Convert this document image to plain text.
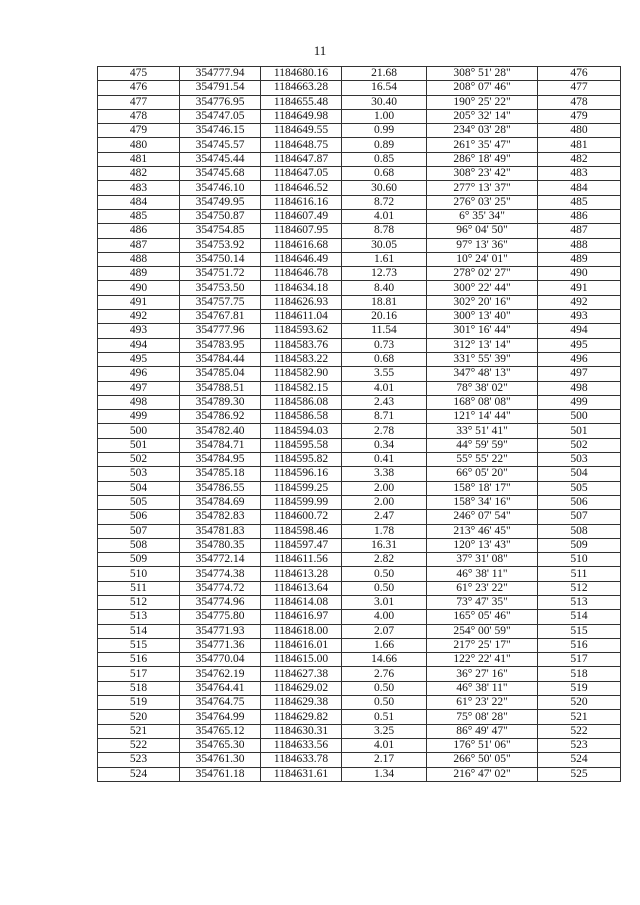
11
475	354777.94	1184680.16	21.68	308° 51' 28"	476
476	354791.54	1184663.28	16.54	208° 07' 46"	477
477	354776.95	1184655.48	30.40	190° 25' 22"	478
478	354747.05	1184649.98	1.00	205° 32' 14"	479
479	354746.15	1184649.55	0.99	234° 03' 28"	480
480	354745.57	1184648.75	0.89	261° 35' 47"	481
481	354745.44	1184647.87	0.85	286° 18' 49"	482
482	354745.68	1184647.05	0.68	308° 23' 42"	483
483	354746.10	1184646.52	30.60	277° 13' 37"	484
484	354749.95	1184616.16	8.72	276° 03' 25"	485
485	354750.87	1184607.49	4.01	6° 35' 34"	486
486	354754.85	1184607.95	8.78	96° 04' 50"	487
487	354753.92	1184616.68	30.05	97° 13' 36"	488
488	354750.14	1184646.49	1.61	10° 24' 01"	489
489	354751.72	1184646.78	12.73	278° 02' 27"	490
490	354753.50	1184634.18	8.40	300° 22' 44"	491
491	354757.75	1184626.93	18.81	302° 20' 16"	492
492	354767.81	1184611.04	20.16	300° 13' 40"	493
493	354777.96	1184593.62	11.54	301° 16' 44"	494
494	354783.95	1184583.76	0.73	312° 13' 14"	495
495	354784.44	1184583.22	0.68	331° 55' 39"	496
496	354785.04	1184582.90	3.55	347° 48' 13"	497
497	354788.51	1184582.15	4.01	78° 38' 02"	498
498	354789.30	1184586.08	2.43	168° 08' 08"	499
499	354786.92	1184586.58	8.71	121° 14' 44"	500
500	354782.40	1184594.03	2.78	33° 51' 41"	501
501	354784.71	1184595.58	0.34	44° 59' 59"	502
502	354784.95	1184595.82	0.41	55° 55' 22"	503
503	354785.18	1184596.16	3.38	66° 05' 20"	504
504	354786.55	1184599.25	2.00	158° 18' 17"	505
505	354784.69	1184599.99	2.00	158° 34' 16"	506
506	354782.83	1184600.72	2.47	246° 07' 54"	507
507	354781.83	1184598.46	1.78	213° 46' 45"	508
508	354780.35	1184597.47	16.31	120° 13' 43"	509
509	354772.14	1184611.56	2.82	37° 31' 08"	510
510	354774.38	1184613.28	0.50	46° 38' 11"	511
511	354774.72	1184613.64	0.50	61° 23' 22"	512
512	354774.96	1184614.08	3.01	73° 47' 35"	513
513	354775.80	1184616.97	4.00	165° 05' 46"	514
514	354771.93	1184618.00	2.07	254° 00' 59"	515
515	354771.36	1184616.01	1.66	217° 25' 17"	516
516	354770.04	1184615.00	14.66	122° 22' 41"	517
517	354762.19	1184627.38	2.76	36° 27' 16"	518
518	354764.41	1184629.02	0.50	46° 38' 11"	519
519	354764.75	1184629.38	0.50	61° 23' 22"	520
520	354764.99	1184629.82	0.51	75° 08' 28"	521
521	354765.12	1184630.31	3.25	86° 49' 47"	522
522	354765.30	1184633.56	4.01	176° 51' 06"	523
523	354761.30	1184633.78	2.17	266° 50' 05"	524
524	354761.18	1184631.61	1.34	216° 47' 02"	525
